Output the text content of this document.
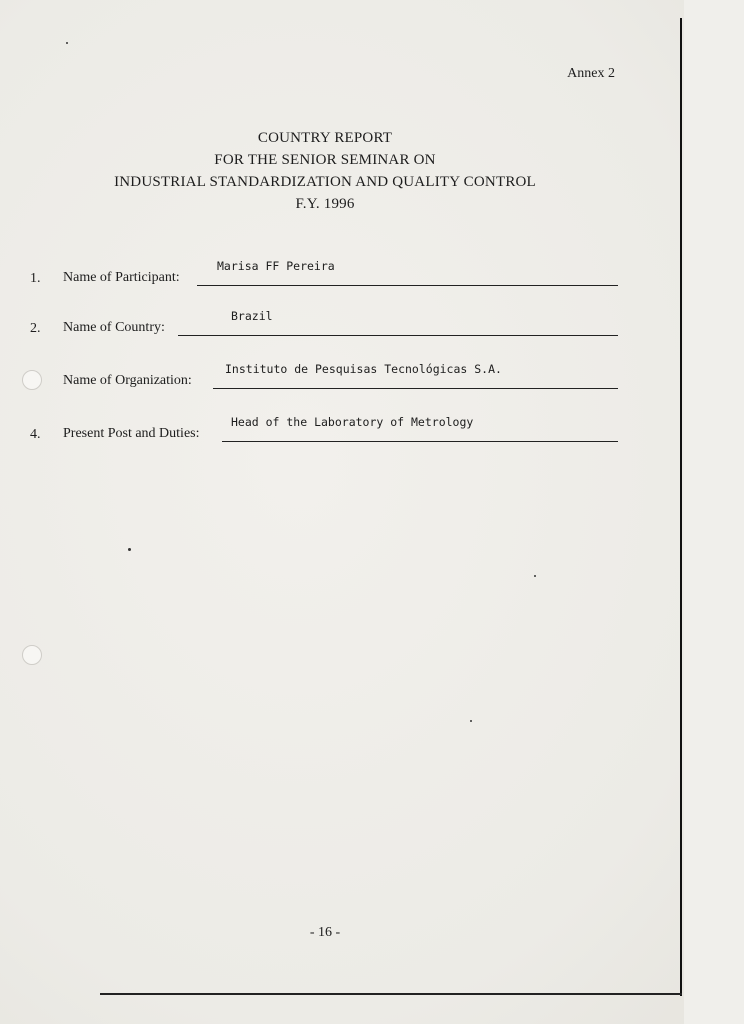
Annex 2
COUNTRY REPORT
FOR THE SENIOR SEMINAR ON
INDUSTRIAL STANDARDIZATION AND QUALITY CONTROL
F.Y. 1996
1. Name of Participant:
Marisa FF Pereira
2. Name of Country:
Brazil
Name of Organization:
Instituto de Pesquisas Tecnológicas S.A.
4. Present Post and Duties:
Head of the Laboratory of Metrology
- 16 -
